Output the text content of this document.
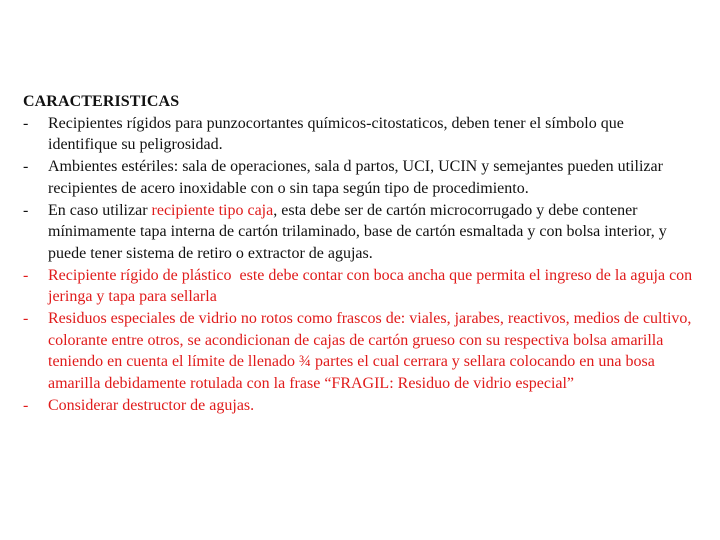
CARACTERISTICAS

-	Recipientes rígidos para punzocortantes químicos-citostaticos, deben tener el símbolo que identifique su peligrosidad.
-	Ambientes estériles: sala de operaciones, sala d partos, UCI, UCIN y semejantes pueden utilizar recipientes de acero inoxidable con o sin tapa según tipo de procedimiento.
-	En caso utilizar recipiente tipo caja, esta debe ser de cartón microcorrugado y debe contener mínimamente tapa interna de cartón trilaminado, base de cartón esmaltada y con bolsa interior, y puede tener sistema de retiro o extractor de agujas.
-	Recipiente rígido de plástico  este debe contar con boca ancha que permita el ingreso de la aguja con jeringa y tapa para sellarla
-	Residuos especiales de vidrio no rotos como frascos de: viales, jarabes, reactivos, medios de cultivo, colorante entre otros, se acondicionan de cajas de cartón grueso con su respectiva bolsa amarilla teniendo en cuenta el límite de llenado ¾ partes el cual cerrara y sellara colocando en una bosa amarilla debidamente rotulada con la frase “FRAGIL: Residuo de vidrio especial”
-	Considerar destructor de agujas.
